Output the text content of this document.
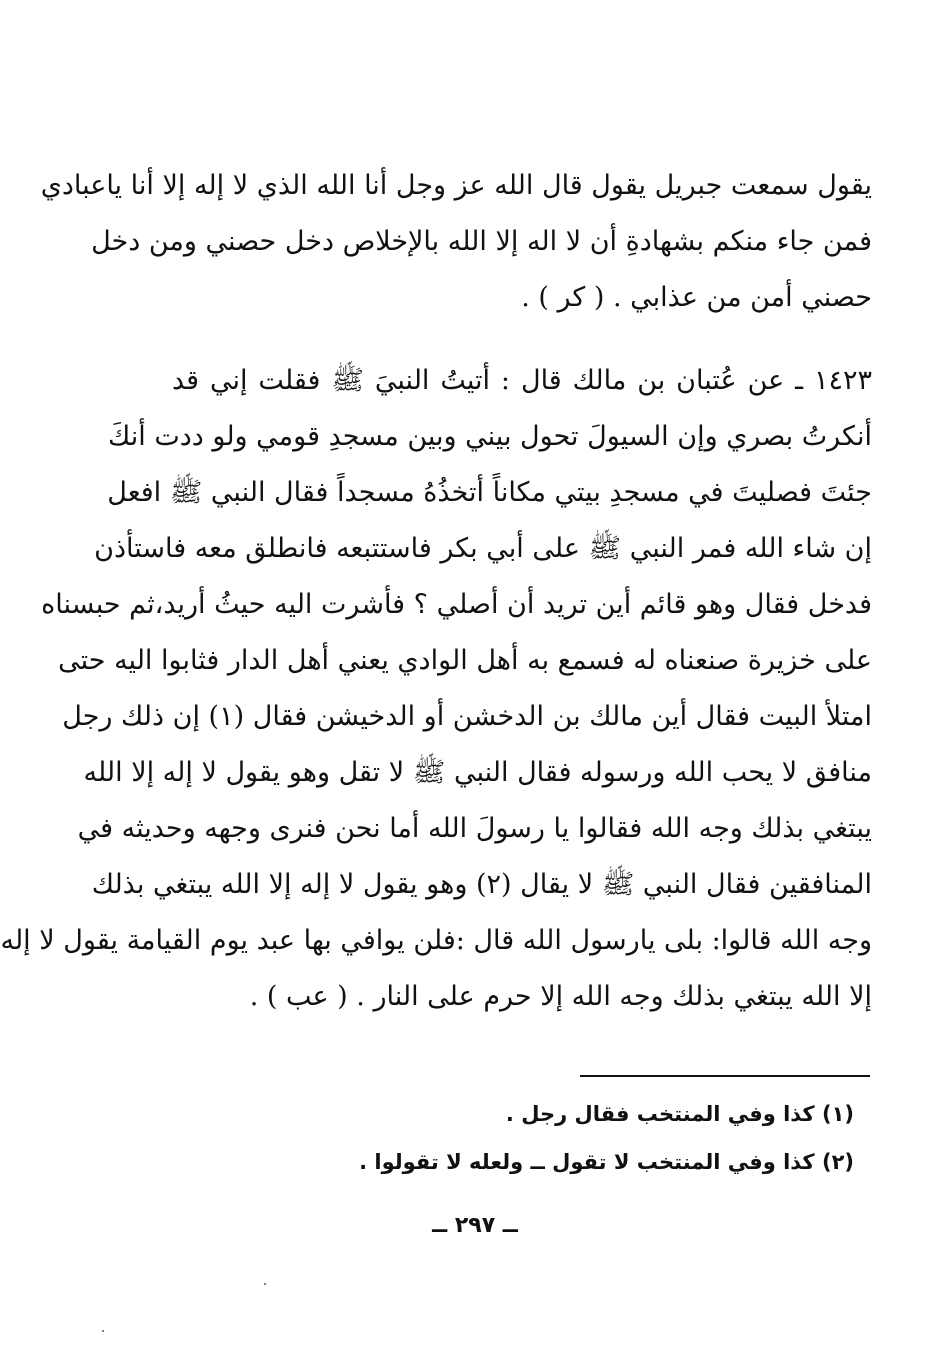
يقول سمعت جبريل يقول قال الله عز وجل أنا الله الذي لا إله إلا أنا ياعبادي
فمن جاء منكم بشهادةِ أن لا اله إلا الله بالإخلاص دخل حصني ومن دخل
حصني أمن من عذابي . ( كر ) .
١٤٢٣ ـ عن عُتبان بن مالك قال : أتيتُ النبيَ ﷺ فقلت إني قد
أنكرتُ بصري وإن السيولَ تحول بيني وبين مسجدِ قومي ولو ددت أنكَ
جئتَ فصليتَ في مسجدِ بيتي مكاناً أتخذُهُ مسجداً فقال النبي ﷺ افعل
إن شاء الله فمر النبي ﷺ على أبي بكر فاستتبعه فانطلق معه فاستأذن
فدخل فقال وهو قائم أين تريد أن أصلي ؟ فأشرت اليه حيثُ أريد،ثم حبسناه
على خزيرة صنعناه له فسمع به أهل الوادي يعني أهل الدار فثابوا اليه حتى
امتلأ البيت فقال أين مالك بن الدخشن أو الدخيشن فقال (١) إن ذلك رجل
منافق لا يحب الله ورسوله فقال النبي ﷺ لا تقل وهو يقول لا إله إلا الله
يبتغي بذلك وجه الله فقالوا يا رسولَ الله أما نحن فنرى وجهه وحديثه في
المنافقين فقال النبي ﷺ لا يقال (٢) وهو يقول لا إله إلا الله يبتغي بذلك
وجه الله قالوا: بلى يارسول الله قال :فلن يوافي بها عبد يوم القيامة يقول لا إله
إلا الله يبتغي بذلك وجه الله إلا حرم على النار . ( عب ) .
(١) كذا وفي المنتخب فقال رجل .
(٢) كذا وفي المنتخب لا تقول ــ ولعله لا تقولوا .
ــ ٢٩٧ ــ
